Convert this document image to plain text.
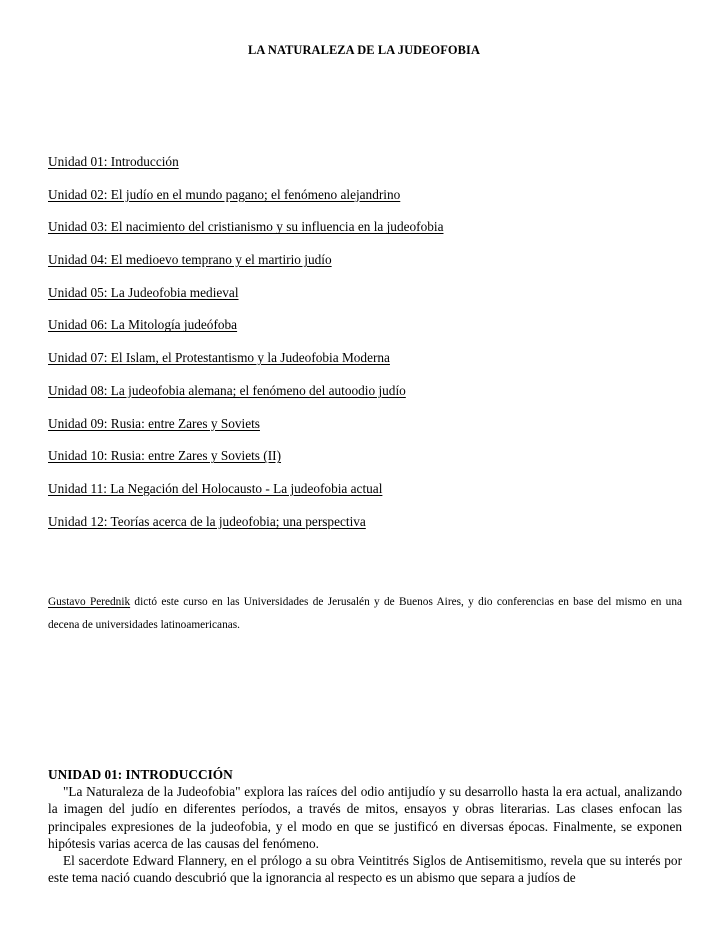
LA NATURALEZA DE LA JUDEOFOBIA
Unidad 01: Introducción
Unidad 02: El judío en el mundo pagano; el fenómeno alejandrino
Unidad 03: El nacimiento del cristianismo y su influencia en la judeofobia
Unidad 04: El medioevo temprano y el martirio judío
Unidad 05: La Judeofobia medieval
Unidad 06: La Mitología judeófoba
Unidad 07: El Islam, el Protestantismo y la Judeofobia Moderna
Unidad 08: La judeofobia alemana; el fenómeno del autoodio judío
Unidad 09: Rusia: entre Zares y Soviets
Unidad 10: Rusia: entre Zares y Soviets (II)
Unidad 11: La Negación del Holocausto - La judeofobia actual
Unidad 12: Teorías acerca de la judeofobia; una perspectiva
Gustavo Perednik dictó este curso en las Universidades de Jerusalén y de Buenos Aires, y dio conferencias en base del mismo en una decena de universidades latinoamericanas.
UNIDAD 01: INTRODUCCIÓN

"La Naturaleza de la Judeofobia" explora las raíces del odio antijudío y su desarrollo hasta la era actual, analizando la imagen del judío en diferentes períodos, a través de mitos, ensayos y obras literarias. Las clases enfocan las principales expresiones de la judeofobia, y el modo en que se justificó en diversas épocas. Finalmente, se exponen hipótesis varias acerca de las causas del fenómeno.

El sacerdote Edward Flannery, en el prólogo a su obra Veintitrés Siglos de Antisemitismo, revela que su interés por este tema nació cuando descubrió que la ignorancia al respecto es un abismo que separa a judíos de
